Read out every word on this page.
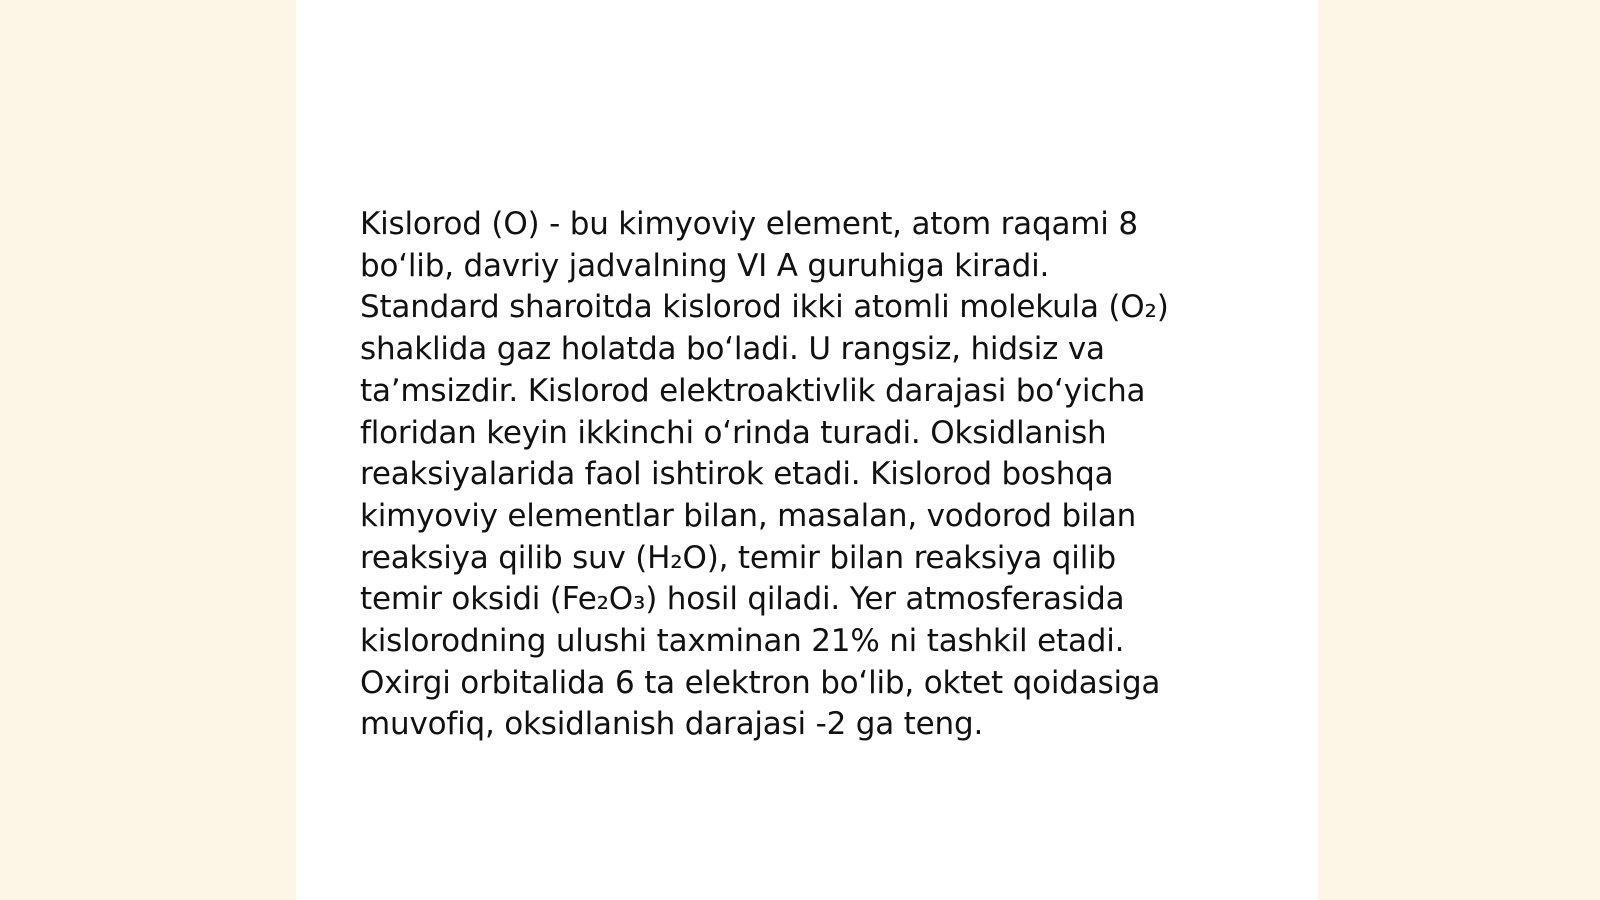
Kislorod (O) - bu kimyoviy element, atom raqami 8
bo‘lib, davriy jadvalning VI A guruhiga kiradi.
Standard sharoitda kislorod ikki atomli molekula (O₂)
shaklida gaz holatda bo‘ladi. U rangsiz, hidsiz va
ta’msizdir. Kislorod elektroaktivlik darajasi bo‘yicha
floridan keyin ikkinchi o‘rinda turadi. Oksidlanish
reaksiyalarida faol ishtirok etadi. Kislorod boshqa
kimyoviy elementlar bilan, masalan, vodorod bilan
reaksiya qilib suv (H₂O), temir bilan reaksiya qilib
temir oksidi (Fe₂O₃) hosil qiladi. Yer atmosferasida
kislorodning ulushi taxminan 21% ni tashkil etadi.
Oxirgi orbitalida 6 ta elektron bo‘lib, oktet qoidasiga
muvofiq, oksidlanish darajasi -2 ga teng.
